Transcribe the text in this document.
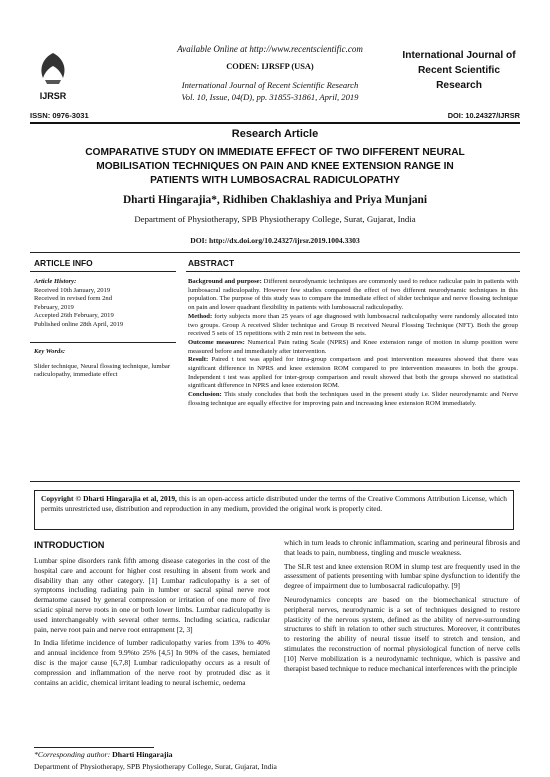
Available Online at http://www.recentscientific.com
CODEN: IJRSFP (USA)
International Journal of Recent Scientific Research
Vol. 10, Issue, 04(D), pp. 31855-31861, April, 2019
IJRSR
ISSN: 0976-3031
International Journal of
Recent Scientific
Research
DOI: 10.24327/IJRSR
Research Article
COMPARATIVE STUDY ON IMMEDIATE EFFECT OF TWO DIFFERENT NEURAL
MOBILISATION TECHNIQUES ON PAIN AND KNEE EXTENSION RANGE IN
PATIENTS WITH LUMBOSACRAL RADICULOPATHY
Dharti Hingarajia*, Ridhiben Chaklashiya and Priya Munjani
Department of Physiotherapy, SPB Physiotherapy College, Surat, Gujarat, India
DOI: http://dx.doi.org/10.24327/ijrsr.2019.1004.3303
ARTICLE INFO
Article History:
Received 10th January, 2019
Received in revised form 2nd
February, 2019
Accepted 26th February, 2019
Published online 28th April, 2019
Key Words:
Slider technique, Neural flossing technique, lumbar radiculopathy, immediate effect
ABSTRACT

Background and purpose: Different neurodynamic techniques are commonly used to reduce radicular pain in patients with lumbosacral radiculopathy. However few studies compared the effect of two different neurodynamic techniques in this population. The purpose of this study was to compare the immediate effect of slider technique and nerve flossing technique on pain and lower quadrant flexibility in patients with lumbosacral radiculopathy.

Method: forty subjects more than 25 years of age diagnosed with lumbosacral radiculopathy were randomly allocated into two groups. Group A received Slider technique and Group B received Neural Flossing Technique (NFT). Both the group received 5 sets of 15 repetitions with 2 min rest in between the sets.

Outcome measures: Numerical Pain rating Scale (NPRS) and Knee extension range of motion in slump position were measured before and immediately after intervention.

Result: Paired t test was applied for intra-group comparison and post intervention measures showed that there was significant difference in NPRS and knee extension ROM compared to pre intervention measures in both the groups. Independent t test was applied for inter-group comparison and result showed that both the groups showed no statistical significant difference in NPRS and knee extension ROM.

Conclusion: This study concludes that both the techniques used in the present study i.e. Slider neurodynamic and Nerve flossing technique are equally effective for improving pain and increasing knee extension ROM immediately.

Copyright © Dharti Hingarajia et al, 2019, this is an open-access article distributed under the terms of the Creative Commons Attribution License, which permits unrestricted use, distribution and reproduction in any medium, provided the original work is properly cited.
INTRODUCTION

Lumbar spine disorders rank fifth among disease categories in the cost of the hospital care and account for higher cost resulting in absent from work and disability than any other category. [1] Lumbar radiculopathy is a set of symptoms including radiating pain in lumber or sacral spinal nerve root dermatome caused by general compression or irritation of one more of five sciatic spinal nerve roots in one or both lower limbs. Lumbar radiculopathy is used interchangeably with several other terms. Including sciatica, radicular pain, nerve root pain and nerve root entrapment [2, 3]

In India lifetime incidence of lumber radiculopathy varies from 13% to 40% and annual incidence from 9.9%to 25% [4,5] In 90% of the cases, herniated disc is the major cause [6,7,8] Lumbar radiculopathy occurs as a result of compression and inflammation of the nerve root by protruded disc as it contains an acidic, chemical irritant leading to neural ischemic, oedema

which in turn leads to chronic inflammation, scaring and perineural fibrosis and that leads to pain, numbness, tingling and muscle weakness.

The SLR test and knee extension ROM in slump test are frequently used in the assessment of patients presenting with lumbar spine dysfunction to identify the degree of impairment due to lumbosacral radiculopathy. [9]

Neurodynamics concepts are based on the biomechanical structure of peripheral nerves, neurodynamic is a set of techniques designed to restore plasticity of the nervous system, defined as the ability of nerve-surrounding structures to shift in relation to other such structures. Moreover, it contributes to restoring the ability of neural tissue itself to stretch and tension, and stimulates the reconstruction of normal physiological function of nerve cells [10] Nerve mobilization is a neurodynamic technique, which is passive and therapist based technique to reduce mechanical interferences with the principle

*Corresponding author: Dharti Hingarajia
Department of Physiotherapy, SPB Physiotherapy College, Surat, Gujarat, India
